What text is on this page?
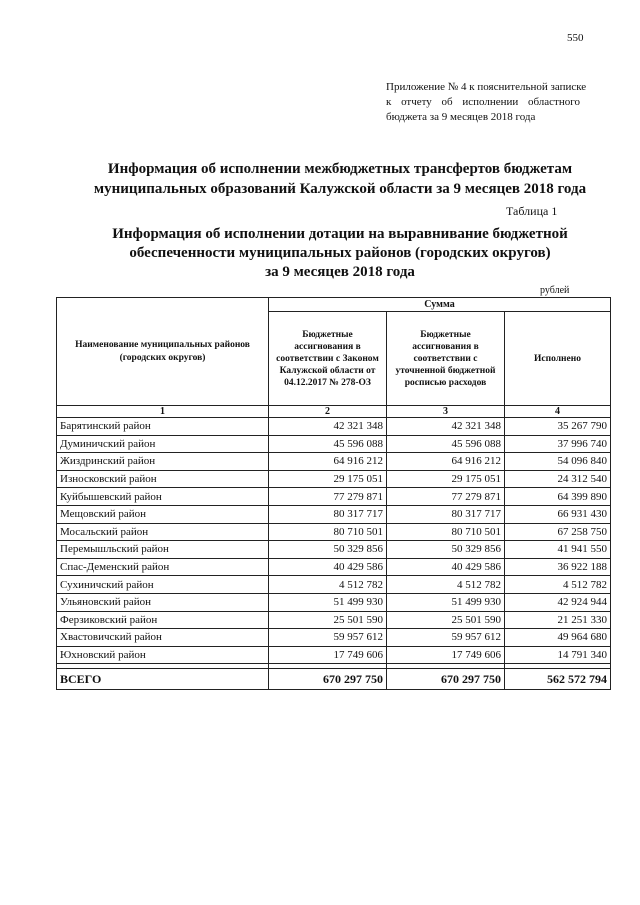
550
Приложение № 4 к пояснительной записке
к отчету об исполнении областного
бюджета за 9 месяцев 2018 года
Информация об исполнении межбюджетных трансфертов бюджетам
муниципальных образований Калужской области за 9 месяцев 2018 года
Таблица 1
Информация об исполнении дотации на выравнивание бюджетной
обеспеченности муниципальных районов (городских округов)
за 9 месяцев 2018 года
рублей
Наименование муниципальных районов (городских округов)	Сумма		
	Бюджетные ассигнования в соответствии с Законом Калужской области от 04.12.2017 № 278-ОЗ	Бюджетные ассигнования в соответствии с уточненной бюджетной росписью расходов	Исполнено
1	2	3	4
Барятинский район	42 321 348	42 321 348	35 267 790
Думиничский район	45 596 088	45 596 088	37 996 740
Жиздринский район	64 916 212	64 916 212	54 096 840
Износковский район	29 175 051	29 175 051	24 312 540
Куйбышевский район	77 279 871	77 279 871	64 399 890
Мещовский район	80 317 717	80 317 717	66 931 430
Мосальский район	80 710 501	80 710 501	67 258 750
Перемышльский район	50 329 856	50 329 856	41 941 550
Спас-Деменский район	40 429 586	40 429 586	36 922 188
Сухиничский район	4 512 782	4 512 782	4 512 782
Ульяновский район	51 499 930	51 499 930	42 924 944
Ферзиковский район	25 501 590	25 501 590	21 251 330
Хвастовичский район	59 957 612	59 957 612	49 964 680
Юхновский район	17 749 606	17 749 606	14 791 340

ВСЕГО	670 297 750	670 297 750	562 572 794
